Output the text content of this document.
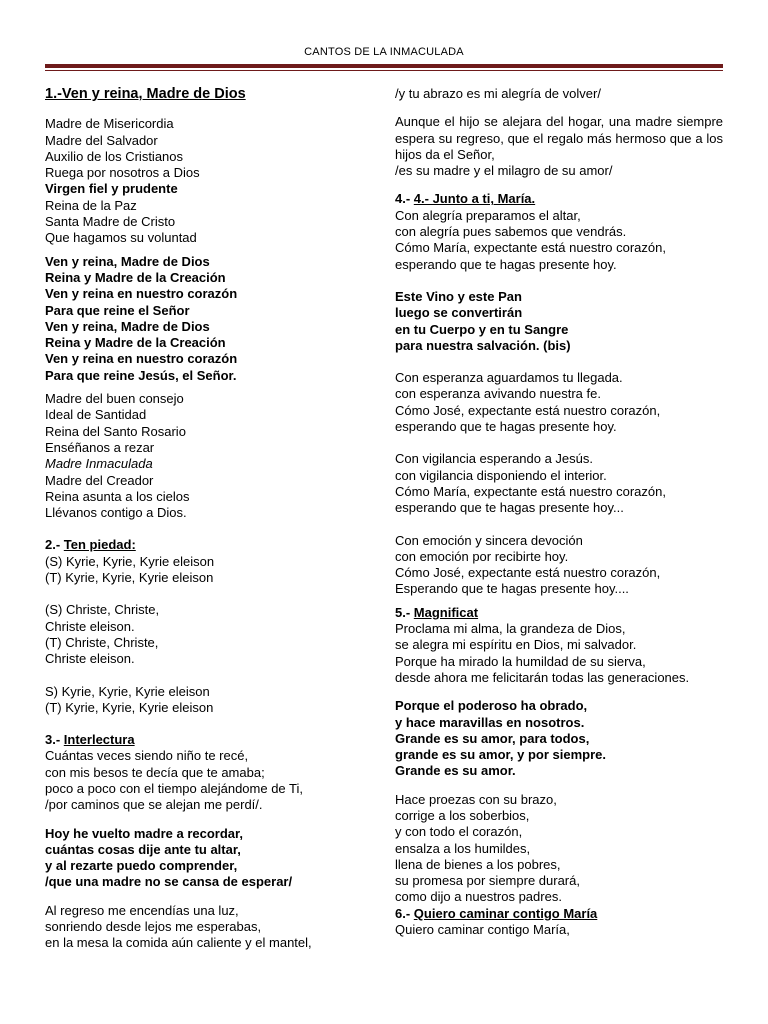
CANTOS DE LA INMACULADA

1.-Ven y reina, Madre de Dios

Madre de Misericordia

Madre del Salvador

Auxilio de los Cristianos

Ruega por nosotros a Dios

Virgen fiel y prudente

Reina de la Paz

Santa Madre de Cristo

Que hagamos su voluntad

Ven y reina, Madre de Dios

Reina y Madre de la Creación

Ven y reina en nuestro corazón

Para que reine el Señor

Ven y reina, Madre de Dios

Reina y Madre de la Creación

Ven y reina en nuestro corazón

Para que reine Jesús, el Señor.

Madre del buen consejo

Ideal de Santidad

Reina del Santo Rosario

Enséñanos a rezar

Madre Inmaculada

Madre del Creador

Reina asunta a los cielos

Llévanos contigo a Dios.

2.- Ten piedad:

(S) Kyrie, Kyrie, Kyrie eleison

(T) Kyrie, Kyrie, Kyrie eleison

(S) Christe, Christe,

Christe eleison.

(T) Christe, Christe,

Christe eleison.

S) Kyrie, Kyrie, Kyrie eleison

(T) Kyrie, Kyrie, Kyrie eleison

3.- Interlectura

Cuántas veces siendo niño te recé,

con mis besos te decía que te amaba;

poco a poco con el tiempo alejándome de Ti,

/por caminos que se alejan me perdí/.

Hoy he vuelto madre a recordar,

cuántas cosas dije ante tu altar,

y al rezarte puedo comprender,

/que una madre no se cansa de esperar/

Al regreso me encendías una luz,

sonriendo desde lejos me esperabas,

en la mesa la comida aún caliente y el mantel,

/y tu abrazo es mi alegría de volver/

Aunque el hijo se alejara del hogar, una madre siempre espera su regreso, que el regalo más hermoso que a los hijos da el Señor,

/es su madre y el milagro de su amor/

4.- 4.- Junto a ti, María.

Con alegría preparamos el altar,

con alegría pues sabemos que vendrás.

Cómo María, expectante está nuestro corazón,

esperando que te hagas presente hoy.

Este Vino y este Pan

luego se convertirán

en tu Cuerpo y en tu Sangre

para nuestra salvación. (bis)

Con esperanza aguardamos tu llegada.

con esperanza avivando nuestra fe.

Cómo José, expectante está nuestro corazón,

esperando que te hagas presente hoy.

Con vigilancia esperando a Jesús.

con vigilancia disponiendo el interior.

Cómo María, expectante está nuestro corazón,

esperando que te hagas presente hoy...

Con emoción y sincera devoción

con emoción por recibirte hoy.

Cómo José, expectante está nuestro corazón,

Esperando que te hagas presente hoy....

5.- Magnificat

Proclama mi alma, la grandeza de Dios,

se alegra mi espíritu en Dios, mi salvador.

Porque ha mirado la humildad de su sierva,

desde ahora me felicitarán todas las generaciones.

Porque el poderoso ha obrado,

y hace maravillas en nosotros.

Grande es su amor, para todos,

grande es su amor, y por siempre.

Grande es su amor.

Hace proezas con su brazo,

corrige a los soberbios,

y con todo el corazón,

ensalza a los humildes,

llena de bienes a los pobres,

su promesa por siempre durará,

como dijo a nuestros padres.

6.- Quiero caminar contigo María

Quiero caminar contigo María,
